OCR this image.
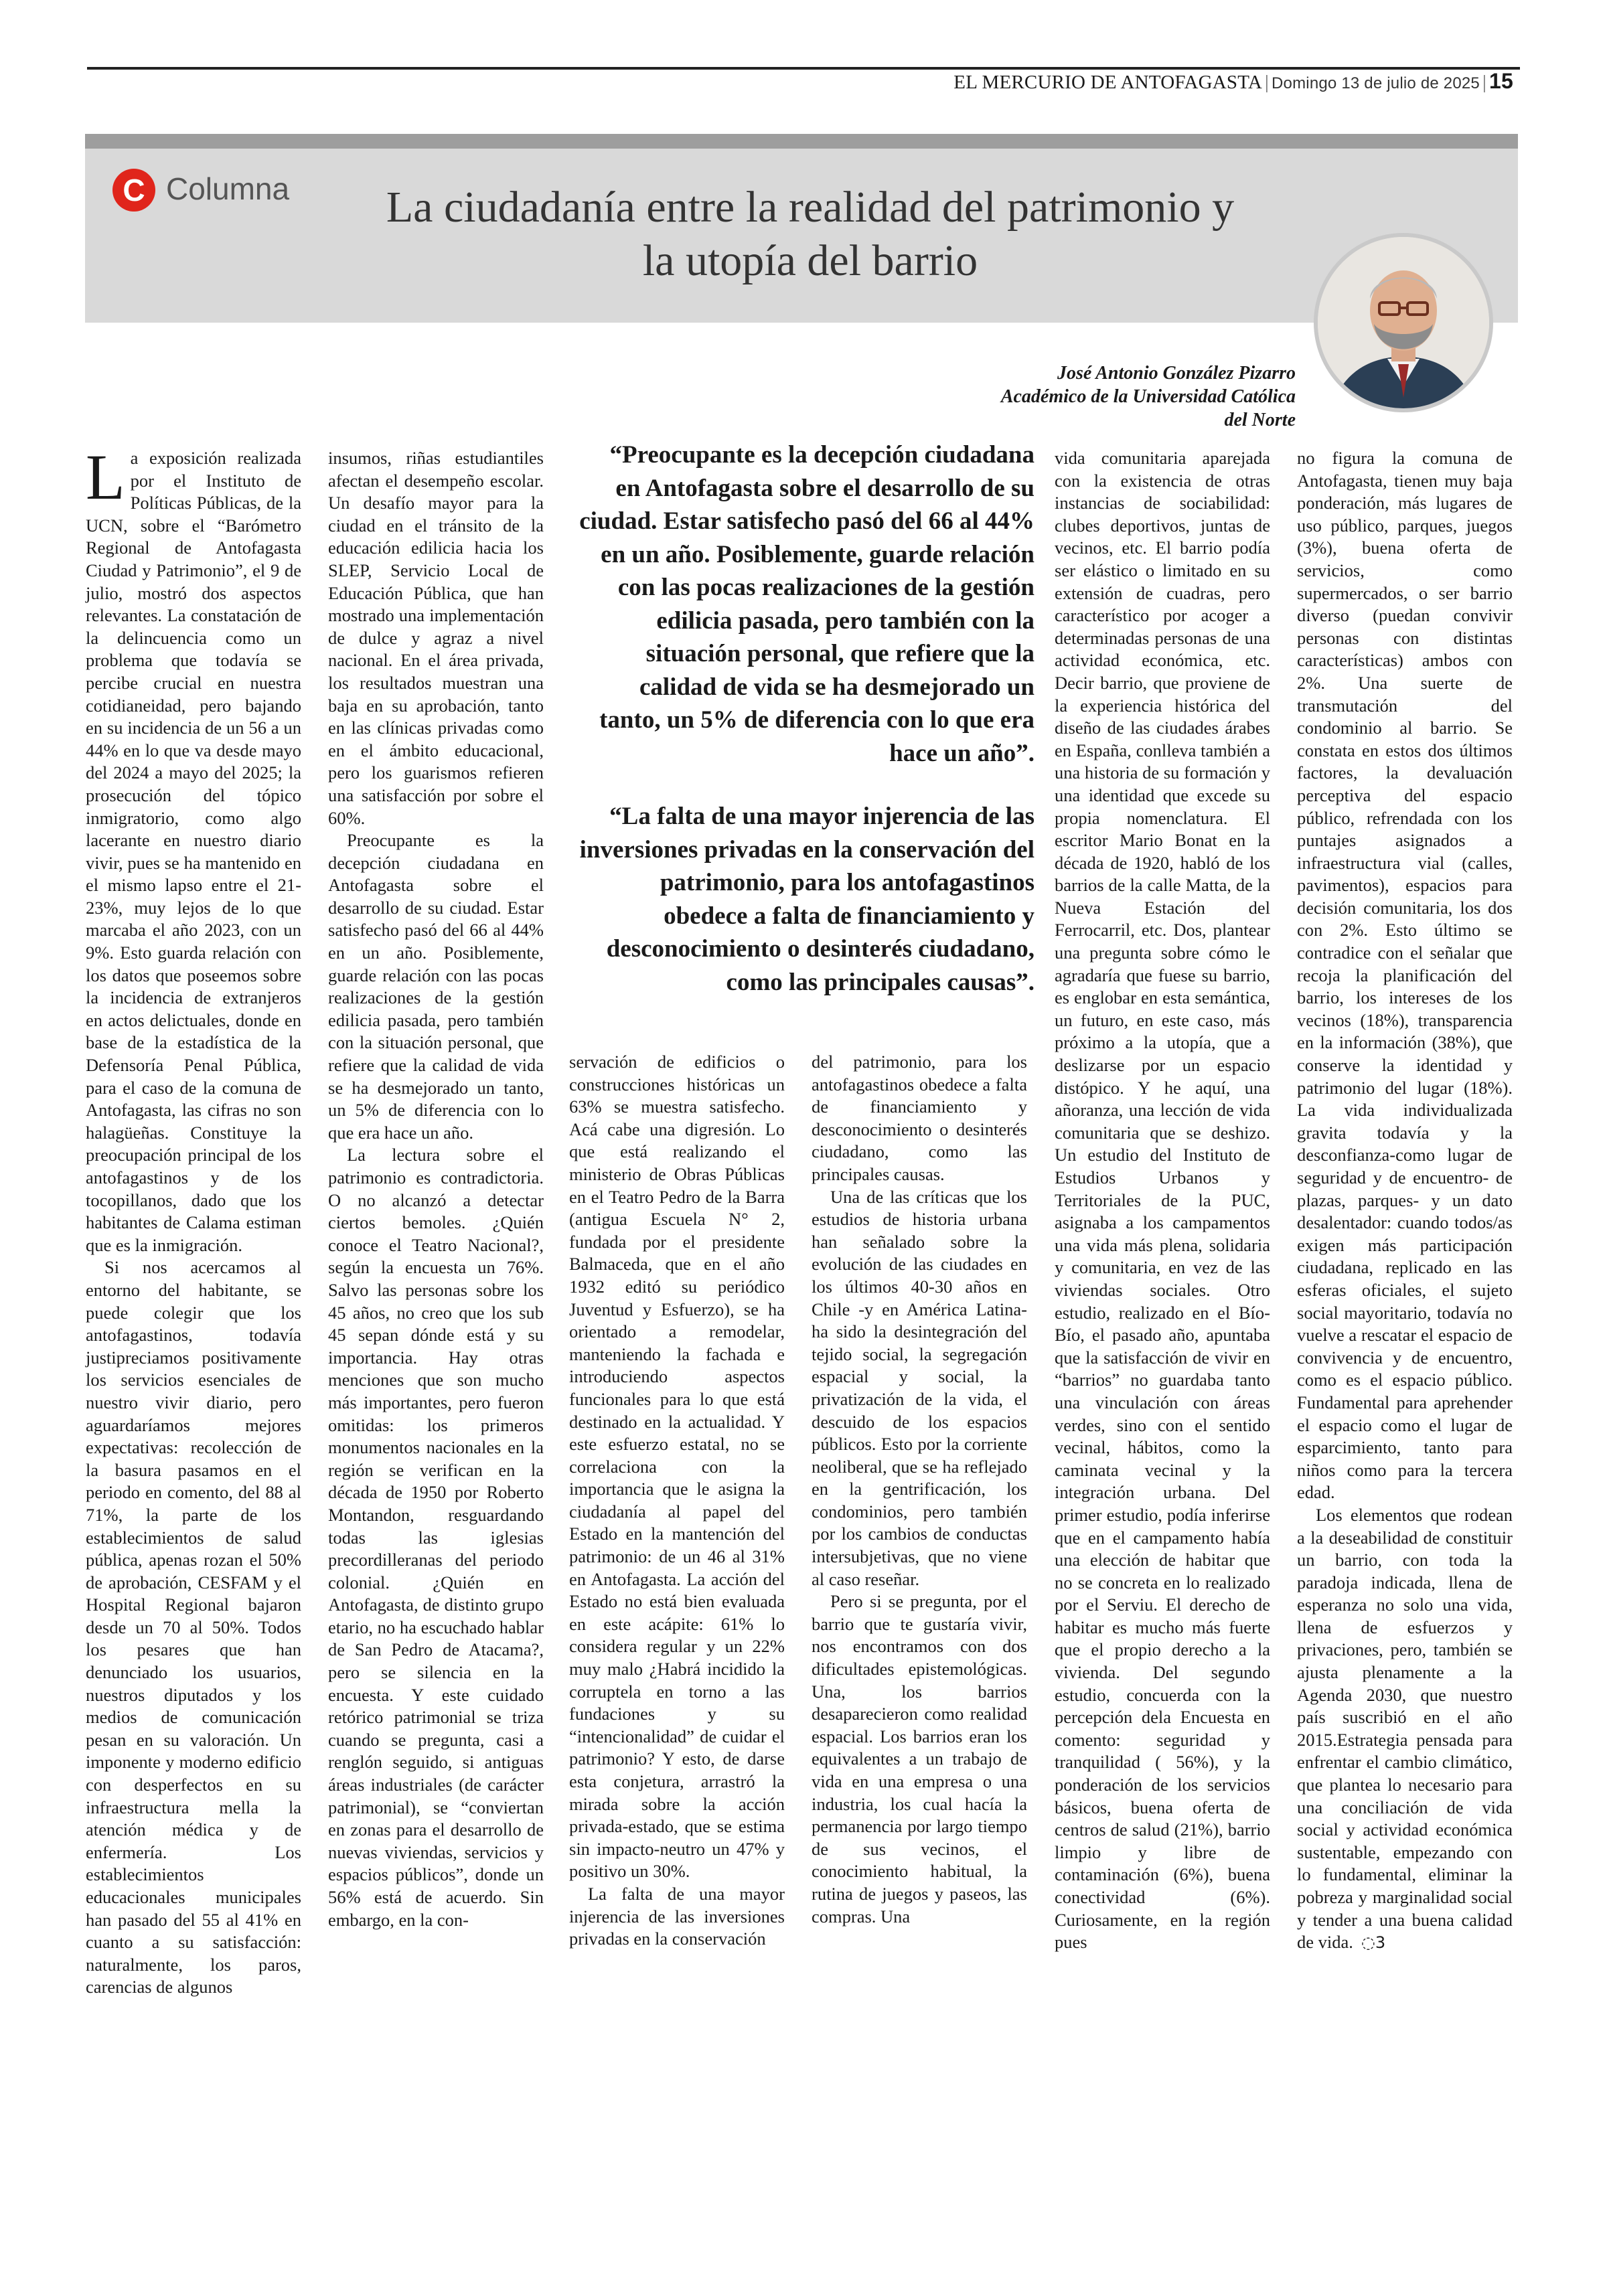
EL MERCURIO DE ANTOFAGASTA | Domingo 13 de julio de 2025 | 15
C Columna La ciudadanía entre la realidad del patrimonio y la utopía del barrio
José Antonio González Pizarro
Académico de la Universidad Católica del Norte

La exposición realizada por el Instituto de Políticas Públicas, de la UCN, sobre el “Barómetro Regional de Antofagasta Ciudad y Patrimonio”, el 9 de julio, mostró dos aspectos relevantes. La constatación de la delincuencia como un problema que todavía se percibe crucial en nuestra cotidianeidad, pero bajando en su incidencia de un 56 a un 44% en lo que va desde mayo del 2024 a mayo del 2025; la prosecución del tópico inmigratorio, como algo lacerante en nuestro diario vivir, pues se ha mantenido en el mismo lapso entre el 21-23%, muy lejos de lo que marcaba el año 2023, con un 9%. Esto guarda relación con los datos que poseemos sobre la incidencia de extranjeros en actos delictuales, donde en base de la estadística de la Defensoría Penal Pública, para el caso de la comuna de Antofagasta, las cifras no son halagüeñas. Constituye la preocupación principal de los antofagastinos y de los tocopillanos, dado que los habitantes de Calama estiman que es la inmigración.

Si nos acercamos al entorno del habitante, se puede colegir que los antofagastinos, todavía justipreciamos positivamente los servicios esenciales de nuestro vivir diario, pero aguardaríamos mejores expectativas: recolección de la basura pasamos en el periodo en comento, del 88 al 71%, la parte de los establecimientos de salud pública, apenas rozan el 50% de aprobación, CESFAM y el Hospital Regional bajaron desde un 70 al 50%. Todos los pesares que han denunciado los usuarios, nuestros diputados y los medios de comunicación pesan en su valoración. Un imponente y moderno edificio con desperfectos en su infraestructura mella la atención médica y de enfermería. Los establecimientos educacionales municipales han pasado del 55 al 41% en cuanto a su satisfacción: naturalmente, los paros, carencias de algunos

insumos, riñas estudiantiles afectan el desempeño escolar. Un desafío mayor para la ciudad en el tránsito de la educación edilicia hacia los SLEP, Servicio Local de Educación Pública, que han mostrado una implementación de dulce y agraz a nivel nacional. En el área privada, los resultados muestran una baja en su aprobación, tanto en las clínicas privadas como en el ámbito educacional, pero los guarismos refieren una satisfacción por sobre el 60%.

Preocupante es la decepción ciudadana en Antofagasta sobre el desarrollo de su ciudad. Estar satisfecho pasó del 66 al 44% en un año. Posiblemente, guarde relación con las pocas realizaciones de la gestión edilicia pasada, pero también con la situación personal, que refiere que la calidad de vida se ha desmejorado un tanto, un 5% de diferencia con lo que era hace un año.

La lectura sobre el patrimonio es contradictoria. O no alcanzó a detectar ciertos bemoles. ¿Quién conoce el Teatro Nacional?, según la encuesta un 76%. Salvo las personas sobre los 45 años, no creo que los sub 45 sepan dónde está y su importancia. Hay otras menciones que son mucho más importantes, pero fueron omitidas: los primeros monumentos nacionales en la región se verifican en la década de 1950 por Roberto Montandon, resguardando todas las iglesias precordilleranas del periodo colonial. ¿Quién en Antofagasta, de distinto grupo etario, no ha escuchado hablar de San Pedro de Atacama?, pero se silencia en la encuesta. Y este cuidado retórico patrimonial se triza cuando se pregunta, casi a renglón seguido, si antiguas áreas industriales (de carácter patrimonial), se “conviertan en zonas para el desarrollo de nuevas viviendas, servicios y espacios públicos”, donde un 56% está de acuerdo. Sin embargo, en la con-

“Preocupante es la decepción ciudadana en Antofagasta sobre el desarrollo de su ciudad. Estar satisfecho pasó del 66 al 44% en un año. Posiblemente, guarde relación con las pocas realizaciones de la gestión edilicia pasada, pero también con la situación personal, que refiere que la calidad de vida se ha desmejorado un tanto, un 5% de diferencia con lo que era hace un año”.
“La falta de una mayor injerencia de las inversiones privadas en la conservación del patrimonio, para los antofagastinos obedece a falta de financiamiento y desconocimiento o desinterés ciudadano, como las principales causas”.

servación de edificios o construcciones históricas un 63% se muestra satisfecho. Acá cabe una digresión. Lo que está realizando el ministerio de Obras Públicas en el Teatro Pedro de la Barra (antigua Escuela N° 2, fundada por el presidente Balmaceda, que en el año 1932 editó su periódico Juventud y Esfuerzo), se ha orientado a remodelar, manteniendo la fachada e introduciendo aspectos funcionales para lo que está destinado en la actualidad. Y este esfuerzo estatal, no se correlaciona con la importancia que le asigna la ciudadanía al papel del Estado en la mantención del patrimonio: de un 46 al 31% en Antofagasta. La acción del Estado no está bien evaluada en este acápite: 61% lo considera regular y un 22% muy malo ¿Habrá incidido la corruptela en torno a las fundaciones y su “intencionalidad” de cuidar el patrimonio? Y esto, de darse esta conjetura, arrastró la mirada sobre la acción privada-estado, que se estima sin impacto-neutro un 47% y positivo un 30%.

La falta de una mayor injerencia de las inversiones privadas en la conservación

del patrimonio, para los antofagastinos obedece a falta de financiamiento y desconocimiento o desinterés ciudadano, como las principales causas.

Una de las críticas que los estudios de historia urbana han señalado sobre la evolución de las ciudades en los últimos 40-30 años en Chile -y en América Latina- ha sido la desintegración del tejido social, la segregación espacial y social, la privatización de la vida, el descuido de los espacios públicos. Esto por la corriente neoliberal, que se ha reflejado en la gentrificación, los condominios, pero también por los cambios de conductas intersubjetivas, que no viene al caso reseñar.

Pero si se pregunta, por el barrio que te gustaría vivir, nos encontramos con dos dificultades epistemológicas. Una, los barrios desaparecieron como realidad espacial. Los barrios eran los equivalentes a un trabajo de vida en una empresa o una industria, los cual hacía la permanencia por largo tiempo de sus vecinos, el conocimiento habitual, la rutina de juegos y paseos, las compras. Una

vida comunitaria aparejada con la existencia de otras instancias de sociabilidad: clubes deportivos, juntas de vecinos, etc. El barrio podía ser elástico o limitado en su extensión de cuadras, pero característico por acoger a determinadas personas de una actividad económica, etc. Decir barrio, que proviene de la experiencia histórica del diseño de las ciudades árabes en España, conlleva también a una historia de su formación y una identidad que excede su propia nomenclatura. El escritor Mario Bonat en la década de 1920, habló de los barrios de la calle Matta, de la Nueva Estación del Ferrocarril, etc. Dos, plantear una pregunta sobre cómo le agradaría que fuese su barrio, es englobar en esta semántica, un futuro, en este caso, más próximo a la utopía, que a deslizarse por un espacio distópico. Y he aquí, una añoranza, una lección de vida comunitaria que se deshizo. Un estudio del Instituto de Estudios Urbanos y Territoriales de la PUC, asignaba a los campamentos una vida más plena, solidaria y comunitaria, en vez de las viviendas sociales. Otro estudio, realizado en el Bío-Bío, el pasado año, apuntaba que la satisfacción de vivir en “barrios” no guardaba tanto una vinculación con áreas verdes, sino con el sentido vecinal, hábitos, como la caminata vecinal y la integración urbana. Del primer estudio, podía inferirse que en el campamento había una elección de habitar que no se concreta en lo realizado por el Serviu. El derecho de habitar es mucho más fuerte que el propio derecho a la vivienda. Del segundo estudio, concuerda con la percepción dela Encuesta en comento: seguridad y tranquilidad ( 56%), y la ponderación de los servicios básicos, buena oferta de centros de salud (21%), barrio limpio y libre de contaminación (6%), buena conectividad (6%). Curiosamente, en la región pues

no figura la comuna de Antofagasta, tienen muy baja ponderación, más lugares de uso público, parques, juegos (3%), buena oferta de servicios, como supermercados, o ser barrio diverso (puedan convivir personas con distintas características) ambos con 2%. Una suerte de transmutación del condominio al barrio. Se constata en estos dos últimos factores, la devaluación perceptiva del espacio público, refrendada con los puntajes asignados a infraestructura vial (calles, pavimentos), espacios para decisión comunitaria, los dos con 2%. Esto último se contradice con el señalar que recoja la planificación del barrio, los intereses de los vecinos (18%), transparencia en la información (38%), que conserve la identidad y patrimonio del lugar (18%). La vida individualizada gravita todavía y la desconfianza-como lugar de seguridad y de encuentro- de plazas, parques- y un dato desalentador: cuando todos/as exigen más participación ciudadana, replicado en las esferas oficiales, el sujeto social mayoritario, todavía no vuelve a rescatar el espacio de convivencia y de encuentro, como es el espacio público. Fundamental para aprehender el espacio como el lugar de esparcimiento, tanto para niños como para la tercera edad.

Los elementos que rodean a la deseabilidad de constituir un barrio, con toda la paradoja indicada, llena de esperanza no solo una vida, llena de esfuerzos y privaciones, pero, también se ajusta plenamente a la Agenda 2030, que nuestro país suscribió en el año 2015.Estrategia pensada para enfrentar el cambio climático, que plantea lo necesario para una conciliación de vida social y actividad económica sustentable, empezando con lo fundamental, eliminar la pobreza y marginalidad social y tender a una buena calidad de vida. ◌3
